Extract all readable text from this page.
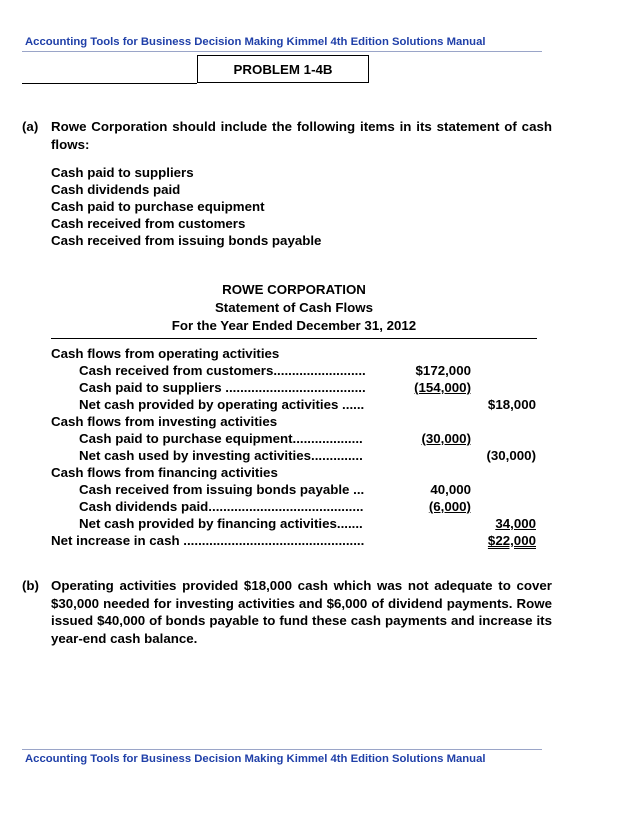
Accounting Tools for Business Decision Making Kimmel 4th Edition Solutions Manual
PROBLEM 1-4B
(a) Rowe Corporation should include the following items in its statement of cash flows:
Cash paid to suppliers
Cash dividends paid
Cash paid to purchase equipment
Cash received from customers
Cash received from issuing bonds payable
ROWE CORPORATION
Statement of Cash Flows
For the Year Ended December 31, 2012
Cash flows from operating activities
Cash received from customers.........................	$172,000
Cash paid to suppliers ......................................	(154,000)
Net cash provided by operating activities ......	$18,000
Cash flows from investing activities
Cash paid to purchase equipment...................	(30,000)
Net cash used by investing activities..............	(30,000)
Cash flows from financing activities
Cash received from issuing bonds payable ...	40,000
Cash dividends paid..........................................	(6,000)
Net cash provided by financing activities.......	34,000
Net increase in cash .................................................	$22,000
(b) Operating activities provided $18,000 cash which was not adequate to cover $30,000 needed for investing activities and $6,000 of dividend payments. Rowe issued $40,000 of bonds payable to fund these cash payments and increase its year-end cash balance.
Accounting Tools for Business Decision Making Kimmel 4th Edition Solutions Manual
